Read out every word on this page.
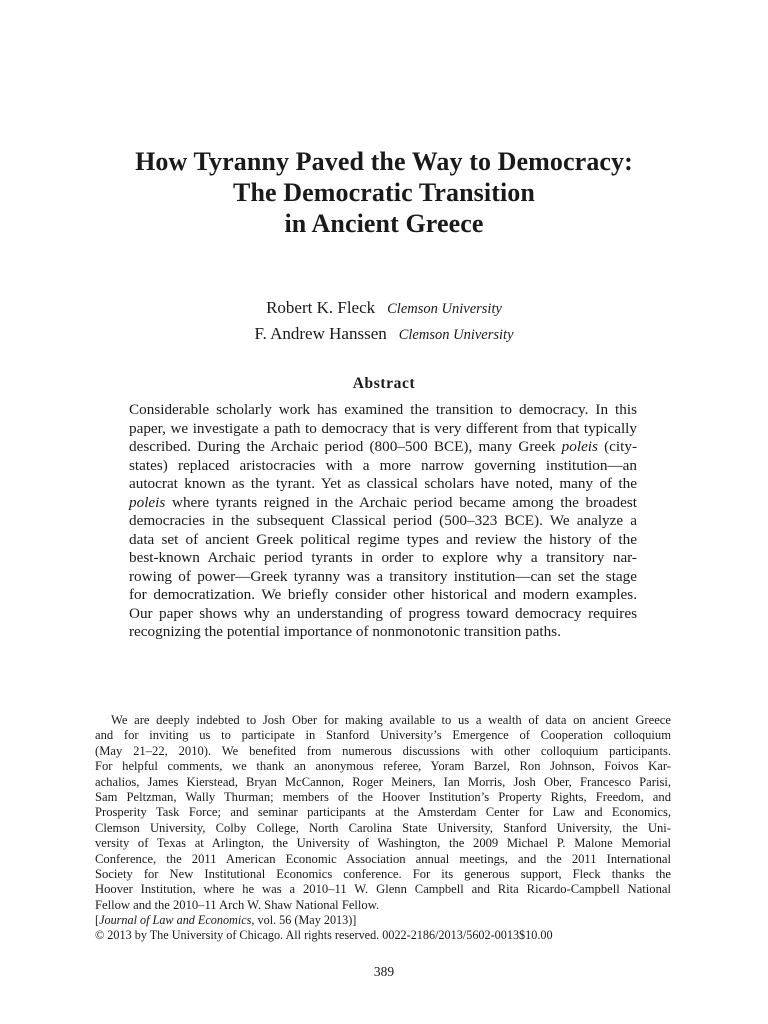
How Tyranny Paved the Way to Democracy:
The Democratic Transition
in Ancient Greece
Robert K. Fleck Clemson University
F. Andrew Hanssen Clemson University
Abstract
Considerable scholarly work has examined the transition to democracy. In this
paper, we investigate a path to democracy that is very different from that typically
described. During the Archaic period (800–500 BCE), many Greek poleis (city-
states) replaced aristocracies with a more narrow governing institution—an
autocrat known as the tyrant. Yet as classical scholars have noted, many of the
poleis where tyrants reigned in the Archaic period became among the broadest
democracies in the subsequent Classical period (500–323 BCE). We analyze a
data set of ancient Greek political regime types and review the history of the
best-known Archaic period tyrants in order to explore why a transitory nar-
rowing of power—Greek tyranny was a transitory institution—can set the stage
for democratization. We briefly consider other historical and modern examples.
Our paper shows why an understanding of progress toward democracy requires
recognizing the potential importance of nonmonotonic transition paths.
We are deeply indebted to Josh Ober for making available to us a wealth of data on ancient Greece
and for inviting us to participate in Stanford University’s Emergence of Cooperation colloquium
(May 21–22, 2010). We benefited from numerous discussions with other colloquium participants.
For helpful comments, we thank an anonymous referee, Yoram Barzel, Ron Johnson, Foivos Kar-
achalios, James Kierstead, Bryan McCannon, Roger Meiners, Ian Morris, Josh Ober, Francesco Parisi,
Sam Peltzman, Wally Thurman; members of the Hoover Institution’s Property Rights, Freedom, and
Prosperity Task Force; and seminar participants at the Amsterdam Center for Law and Economics,
Clemson University, Colby College, North Carolina State University, Stanford University, the Uni-
versity of Texas at Arlington, the University of Washington, the 2009 Michael P. Malone Memorial
Conference, the 2011 American Economic Association annual meetings, and the 2011 International
Society for New Institutional Economics conference. For its generous support, Fleck thanks the
Hoover Institution, where he was a 2010–11 W. Glenn Campbell and Rita Ricardo-Campbell National
Fellow and the 2010–11 Arch W. Shaw National Fellow.
[Journal of Law and Economics, vol. 56 (May 2013)]
© 2013 by The University of Chicago. All rights reserved. 0022-2186/2013/5602-0013$10.00
389
